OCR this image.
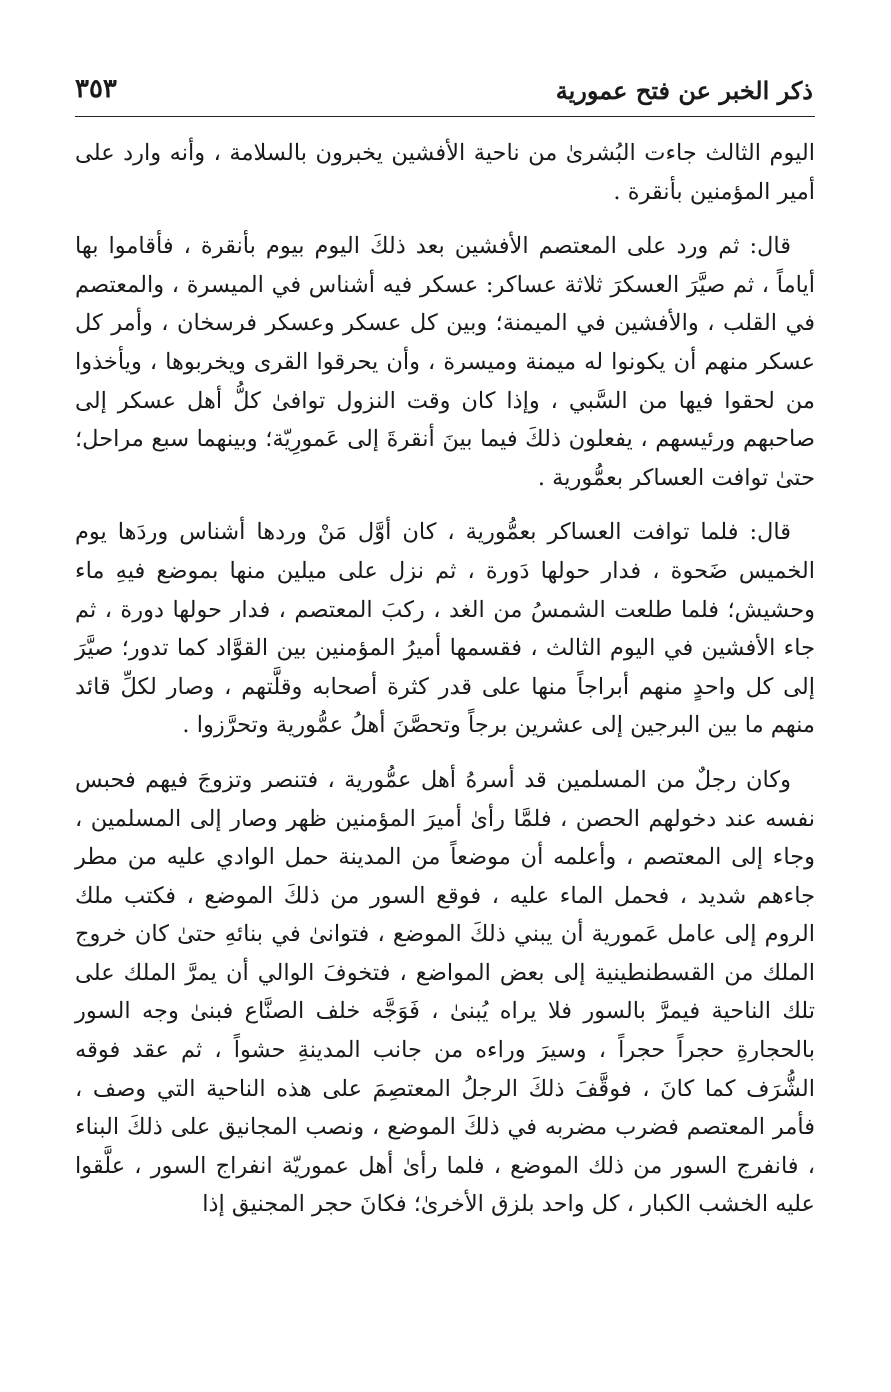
ذكر الخبر عن فتح عمورية
٣٥٣

اليوم الثالث جاءت البُشرىٰ من ناحية الأفشين يخبرون بالسلامة ، وأنه وارد على أمير المؤمنين بأنقرة .

قال: ثم ورد على المعتصم الأفشين بعد ذلكَ اليوم بيوم بأنقرة ، فأقاموا بها أياماً ، ثم صيَّرَ العسكرَ ثلاثة عساكر: عسكر فيه أشناس في الميسرة ، والمعتصم في القلب ، والأفشين في الميمنة؛ وبين كل عسكر وعسكر فرسخان ، وأمر كل عسكر منهم أن يكونوا له ميمنة وميسرة ، وأن يحرقوا القرى ويخربوها ، ويأخذوا من لحقوا فيها من السَّبي ، وإذا كان وقت النزول توافىٰ كلُّ أهل عسكر إلى صاحبهم ورئيسهم ، يفعلون ذلكَ فيما بينَ أنقرةَ إلى عَمورِيّة؛ وبينهما سبع مراحل؛ حتىٰ توافت العساكر بعمُّورية .

قال: فلما توافت العساكر بعمُّورية ، كان أوَّل مَنْ وردها أشناس وردَها يوم الخميس ضَحوة ، فدار حولها دَورة ، ثم نزل على ميلين منها بموضع فيهِ ماء وحشيش؛ فلما طلعت الشمسُ من الغد ، ركبَ المعتصم ، فدار حولها دورة ، ثم جاء الأفشين في اليوم الثالث ، فقسمها أميرُ المؤمنين بين القوَّاد كما تدور؛ صيَّرَ إلى كل واحدٍ منهم أبراجاً منها على قدر كثرة أصحابه وقلَّتهم ، وصار لكلِّ قائد منهم ما بين البرجين إلى عشرين برجاً وتحصَّنَ أهلُ عمُّورية وتحرَّزوا .

وكان رجلٌ من المسلمين قد أسرهُ أهل عمُّورية ، فتنصر وتزوجَ فيهم فحبس نفسه عند دخولهم الحصن ، فلمَّا رأىٰ أميرَ المؤمنين ظهر وصار إلى المسلمين ، وجاء إلى المعتصم ، وأعلمه أن موضعاً من المدينة حمل الوادي عليه من مطر جاءهم شديد ، فحمل الماء عليه ، فوقع السور من ذلكَ الموضع ، فكتب ملك الروم إلى عامل عَمورية أن يبني ذلكَ الموضع ، فتوانىٰ في بنائهِ حتىٰ كان خروج الملك من القسطنطينية إلى بعض المواضع ، فتخوفَ الوالي أن يمرَّ الملك على تلك الناحية فيمرَّ بالسور فلا يراه يُبنىٰ ، فَوَجَّه خلف الصنَّاع فبنىٰ وجه السور بالحجارةِ حجراً حجراً ، وسيرَ وراءه من جانب المدينةِ حشواً ، ثم عقد فوقه الشُّرَف كما كانَ ، فوقَّفَ ذلكَ الرجلُ المعتصِمَ على هذه الناحية التي وصف ، فأمر المعتصم فضرب مضربه في ذلكَ الموضع ، ونصب المجانيق على ذلكَ البناء ، فانفرج السور من ذلك الموضع ، فلما رأىٰ أهل عموريّة انفراج السور ، علَّقوا عليه الخشب الكبار ، كل واحد بلزق الأخرىٰ؛ فكانَ حجر المجنيق إذا
